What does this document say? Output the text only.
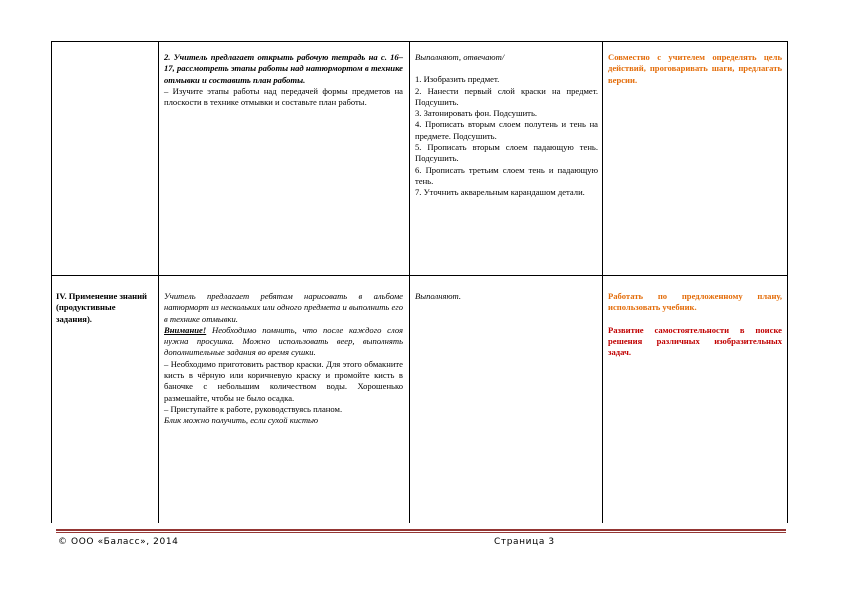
2. Учитель предлагает открыть рабочую тетрадь на с. 16–17, рассмотреть этапы работы над натюрмортом в технике отмывки и составить план работы.

– Изучите этапы работы над передачей формы предметов на плоскости в технике отмывки и составьте план работы.

Выполняют, отвечают/

1. Изобразить предмет.

2. Нанести первый слой краски на предмет. Подсушить.

3. Затонировать фон. Подсушить.

4. Прописать вторым слоем полутень и тень на предмете. Подсушить.

5. Прописать вторым слоем падающую тень. Подсушить.

6. Прописать третьим слоем тень и падающую тень.

7. Уточнить акварельным карандашом детали.

Совместно с учителем определять цель действий, проговаривать шаги, предлагать версии.

IV. Применение знаний (продуктивные задания).

Учитель предлагает ребятам нарисовать в альбоме натюрморт из нескольких или одного предмета и выполнить его в технике отмывки.

Внимание! Необходимо помнить, что после каждого слоя нужна просушка. Можно использовать веер, выполнять дополнительные задания во время сушки.

– Необходимо приготовить раствор краски. Для этого обмакните кисть в чёрную или коричневую краску и промойте кисть в баночке с небольшим количеством воды. Хорошенько размешайте, чтобы не было осадка.

– Приступайте к работе, руководствуясь планом.

Блик можно получить, если сухой кистью

Выполняют.	Работать по предложенному плану, использовать учебник.

Развитие самостоятельности в поиске решения различных изобразительных задач.

© ООО «Баласс», 2014	Страница 3
